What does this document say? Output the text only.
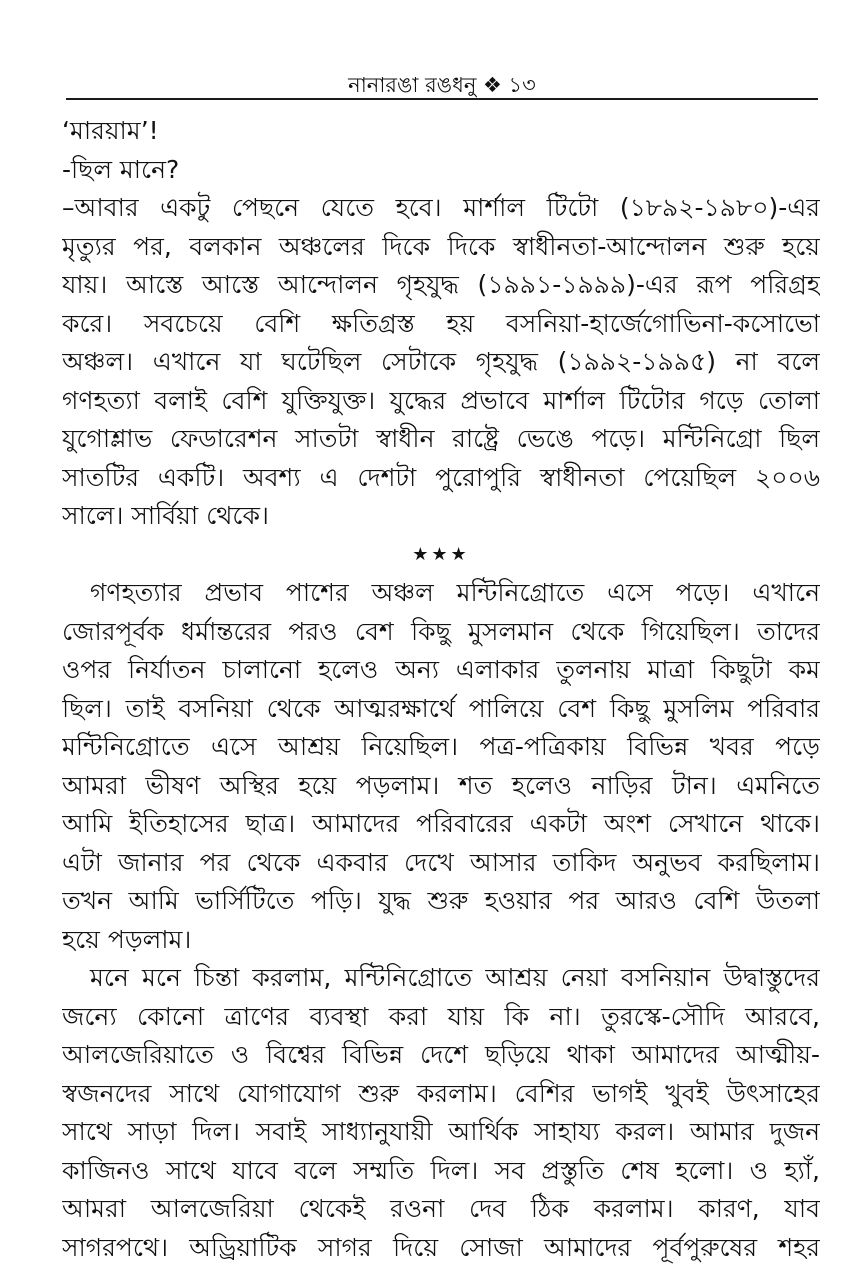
নানারঙা রঙধনু ❖ ১৩
‘মারয়াম’!
-ছিল মানে?
–আবার একটু পেছনে যেতে হবে। মার্শাল টিটো (১৮৯২-১৯৮০)-এর
মৃত্যুর পর, বলকান অঞ্চলের দিকে দিকে স্বাধীনতা-আন্দোলন শুরু হয়ে
যায়। আস্তে আস্তে আন্দোলন গৃহযুদ্ধ (১৯৯১-১৯৯৯)-এর রূপ পরিগ্রহ
করে। সবচেয়ে বেশি ক্ষতিগ্রস্ত হয় বসনিয়া-হার্জেগোভিনা-কসোভো
অঞ্চল। এখানে যা ঘটেছিল সেটাকে গৃহযুদ্ধ (১৯৯২-১৯৯৫) না বলে
গণহত্যা বলাই বেশি যুক্তিযুক্ত। যুদ্ধের প্রভাবে মার্শাল টিটোর গড়ে তোলা
যুগোশ্লাভ ফেডারেশন সাতটা স্বাধীন রাষ্ট্রে ভেঙে পড়ে। মন্টিনিগ্রো ছিল
সাতটির একটি। অবশ্য এ দেশটা পুরোপুরি স্বাধীনতা পেয়েছিল ২০০৬
সালে। সার্বিয়া থেকে।
★★★
গণহত্যার প্রভাব পাশের অঞ্চল মন্টিনিগ্রোতে এসে পড়ে। এখানে
জোরপূর্বক ধর্মান্তরের পরও বেশ কিছু মুসলমান থেকে গিয়েছিল। তাদের
ওপর নির্যাতন চালানো হলেও অন্য এলাকার তুলনায় মাত্রা কিছুটা কম
ছিল। তাই বসনিয়া থেকে আত্মরক্ষার্থে পালিয়ে বেশ কিছু মুসলিম পরিবার
মন্টিনিগ্রোতে এসে আশ্রয় নিয়েছিল। পত্র-পত্রিকায় বিভিন্ন খবর পড়ে
আমরা ভীষণ অস্থির হয়ে পড়লাম। শত হলেও নাড়ির টান। এমনিতে
আমি ইতিহাসের ছাত্র। আমাদের পরিবারের একটা অংশ সেখানে থাকে।
এটা জানার পর থেকে একবার দেখে আসার তাকিদ অনুভব করছিলাম।
তখন আমি ভার্সিটিতে পড়ি। যুদ্ধ শুরু হওয়ার পর আরও বেশি উতলা
হয়ে পড়লাম।
মনে মনে চিন্তা করলাম, মন্টিনিগ্রোতে আশ্রয় নেয়া বসনিয়ান উদ্বাস্তুদের
জন্যে কোনো ত্রাণের ব্যবস্থা করা যায় কি না। তুরস্কে-সৌদি আরবে,
আলজেরিয়াতে ও বিশ্বের বিভিন্ন দেশে ছড়িয়ে থাকা আমাদের আত্মীয়-
স্বজনদের সাথে যোগাযোগ শুরু করলাম। বেশির ভাগই খুবই উৎসাহের
সাথে সাড়া দিল। সবাই সাধ্যানুযায়ী আর্থিক সাহায্য করল। আমার দুজন
কাজিনও সাথে যাবে বলে সম্মতি দিল। সব প্রস্তুতি শেষ হলো। ও হ্যাঁ,
আমরা আলজেরিয়া থেকেই রওনা দেব ঠিক করলাম। কারণ, যাব
সাগরপথে। অড্রিয়াটিক সাগর দিয়ে সোজা আমাদের পূর্বপুরুষের শহর
